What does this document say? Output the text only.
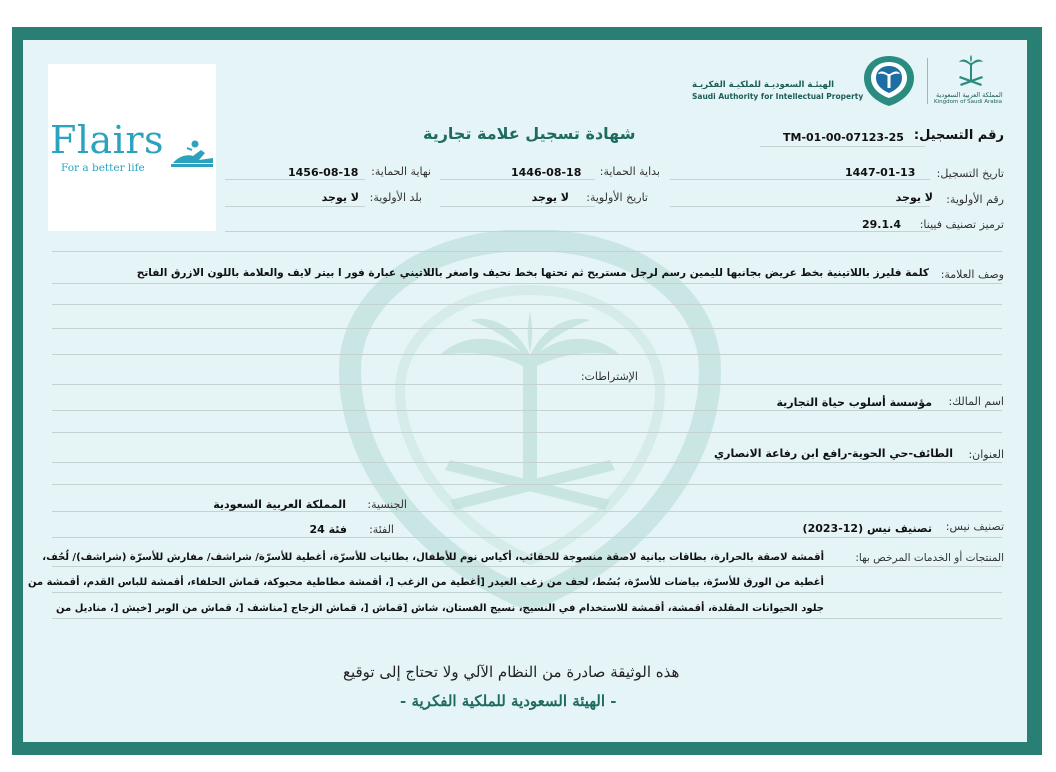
Flairs
For a better life
الهيئـة السعوديـة للملكيـة الفكريـة
Saudi Authority for Intellectual Property	المملكة العربية السعودية
Kingdom of Saudi Arabia
شهادة تسجيل علامة تجارية	رقم التسجيل:
TM-01-00-07123-25
تاريخ التسجيل:
1447-01-13
بداية الحماية:
1446-08-18
نهاية الحماية:
1456-08-18
رقم الأولوية:
لا يوجد
تاريخ الأولوية:
لا يوجد
بلد الأولوية:
لا يوجد
ترميز تصنيف فيينا:
29.1.4
وصف العلامة:
كلمة فليرز باللاتينية بخط عريض بجانبها لليمين رسم لرجل مستريح ثم تحتها بخط نحيف واصغر باللاتيني عبارة فور ا بيتر لايف والعلامة باللون الازرق الفاتح
الإشتراطات:
اسم المالك:
مؤسسة أسلوب حياة التجارية
العنوان:
الطائف-حي الحوية-رافع ابن رفاعة الانصاري
الجنسية:
المملكة العربية السعودية
تصنيف نيس:
تصنيف نيس (12-2023)
الفئة:
فئة 24
المنتجات أو الخدمات المرخص بها:
أقمشة لاصقة بالحرارة، بطاقات بيانية لاصقة منسوجة للحقائب، أكياس نوم للأطفال، بطانيات للأسرّة، أغطية للأسرّة/ شراشف/ مفارش للأسرّة (شراشف)/ لُحُف،
أغطية من الورق للأسرّة، بياضات للأسرّة، بُسُط، لحف من زغب العيدر [أغطية من الزغب [، أقمشة مطاطية محبوكة، قماش الحلفاء، أقمشة للباس القدم، أقمشة من
جلود الحيوانات المقلدة، أقمشة، أقمشة للاستخدام في النسيج، نسيج الفستان، شاش [قماش [، قماش الزجاج [مناشف [، قماش من الوبر [خيش [، مناديل من
هذه الوثيقة صادرة من النظام الآلي ولا تحتاج إلى توقيع
- الهيئة السعودية للملكية الفكرية -
